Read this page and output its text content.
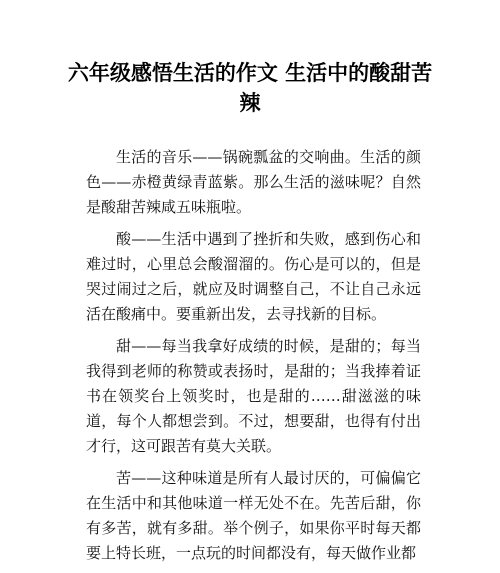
六年级感悟生活的作文 生活中的酸甜苦辣

生活的音乐——锅碗瓢盆的交响曲。生活的颜色——赤橙黄绿青蓝紫。那么生活的滋味呢？自然是酸甜苦辣咸五味瓶啦。

酸——生活中遇到了挫折和失败，感到伤心和难过时，心里总会酸溜溜的。伤心是可以的，但是哭过闹过之后，就应及时调整自己，不让自己永远活在酸痛中。要重新出发，去寻找新的目标。

甜——每当我拿好成绩的时候，是甜的；每当我得到老师的称赞或表扬时，是甜的；当我捧着证书在领奖台上领奖时，也是甜的……甜滋滋的味道，每个人都想尝到。不过，想要甜，也得有付出才行，这可跟苦有莫大关联。

苦——这种味道是所有人最讨厌的，可偏偏它在生活中和其他味道一样无处不在。先苦后甜，你有多苦，就有多甜。举个例子，如果你平时每天都要上特长班，一点玩的时间都没有，每天做作业都
